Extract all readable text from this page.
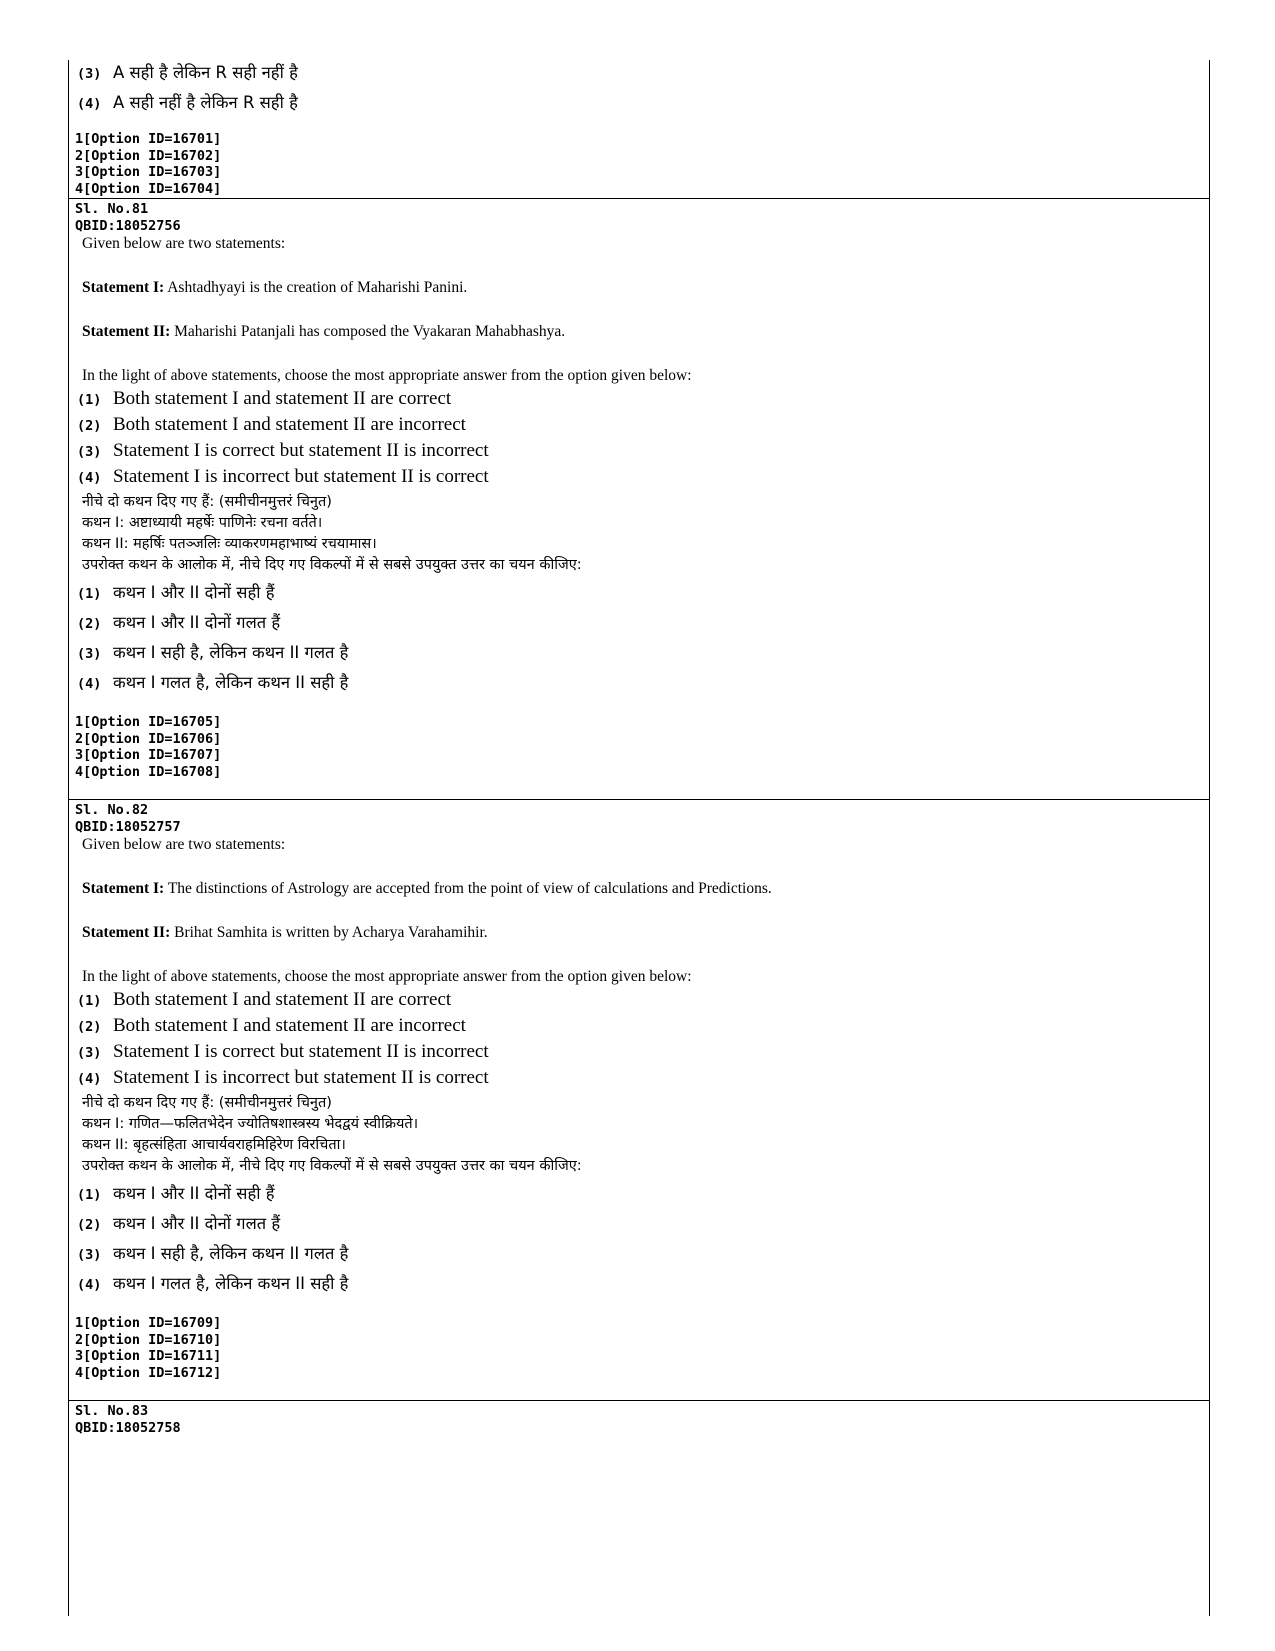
(3) A सही है लेकिन R सही नहीं है
(4) A सही नहीं है लेकिन R सही है
1[Option ID=16701]
2[Option ID=16702]
3[Option ID=16703]
4[Option ID=16704]
Sl. No.81
QBID:18052756
Given below are two statements:
Statement I: Ashtadhyayi is the creation of Maharishi Panini.
Statement II: Maharishi Patanjali has composed the Vyakaran Mahabhashya.
In the light of above statements, choose the most appropriate answer from the option given below:
(1) Both statement I and statement II are correct
(2) Both statement I and statement II are incorrect
(3) Statement I is correct but statement II is incorrect
(4) Statement I is incorrect but statement II is correct
नीचे दो कथन दिए गए हैं: (समीचीनमुत्तरं चिनुत)
कथन I: अष्टाध्यायी महर्षेः पाणिनेः रचना वर्तते।
कथन II: महर्षिः पतञ्जलिः व्याकरणमहाभाष्यं रचयामास।
उपरोक्त कथन के आलोक में, नीचे दिए गए विकल्पों में से सबसे उपयुक्त उत्तर का चयन कीजिए:
(1) कथन I और II दोनों सही हैं
(2) कथन I और II दोनों गलत हैं
(3) कथन I सही है, लेकिन कथन II गलत है
(4) कथन I गलत है, लेकिन कथन II सही है
1[Option ID=16705]
2[Option ID=16706]
3[Option ID=16707]
4[Option ID=16708]
Sl. No.82
QBID:18052757
Given below are two statements:
Statement I: The distinctions of Astrology are accepted from the point of view of calculations and Predictions.
Statement II: Brihat Samhita is written by Acharya Varahamihir.
In the light of above statements, choose the most appropriate answer from the option given below:
(1) Both statement I and statement II are correct
(2) Both statement I and statement II are incorrect
(3) Statement I is correct but statement II is incorrect
(4) Statement I is incorrect but statement II is correct
नीचे दो कथन दिए गए हैं: (समीचीनमुत्तरं चिनुत)
कथन I: गणित—फलितभेदेन ज्योतिषशास्त्रस्य भेदद्वयं स्वीक्रियते।
कथन II: बृहत्संहिता आचार्यवराहमिहिरेण विरचिता।
उपरोक्त कथन के आलोक में, नीचे दिए गए विकल्पों में से सबसे उपयुक्त उत्तर का चयन कीजिए:
(1) कथन I और II दोनों सही हैं
(2) कथन I और II दोनों गलत हैं
(3) कथन I सही है, लेकिन कथन II गलत है
(4) कथन I गलत है, लेकिन कथन II सही है
1[Option ID=16709]
2[Option ID=16710]
3[Option ID=16711]
4[Option ID=16712]
Sl. No.83
QBID:18052758
